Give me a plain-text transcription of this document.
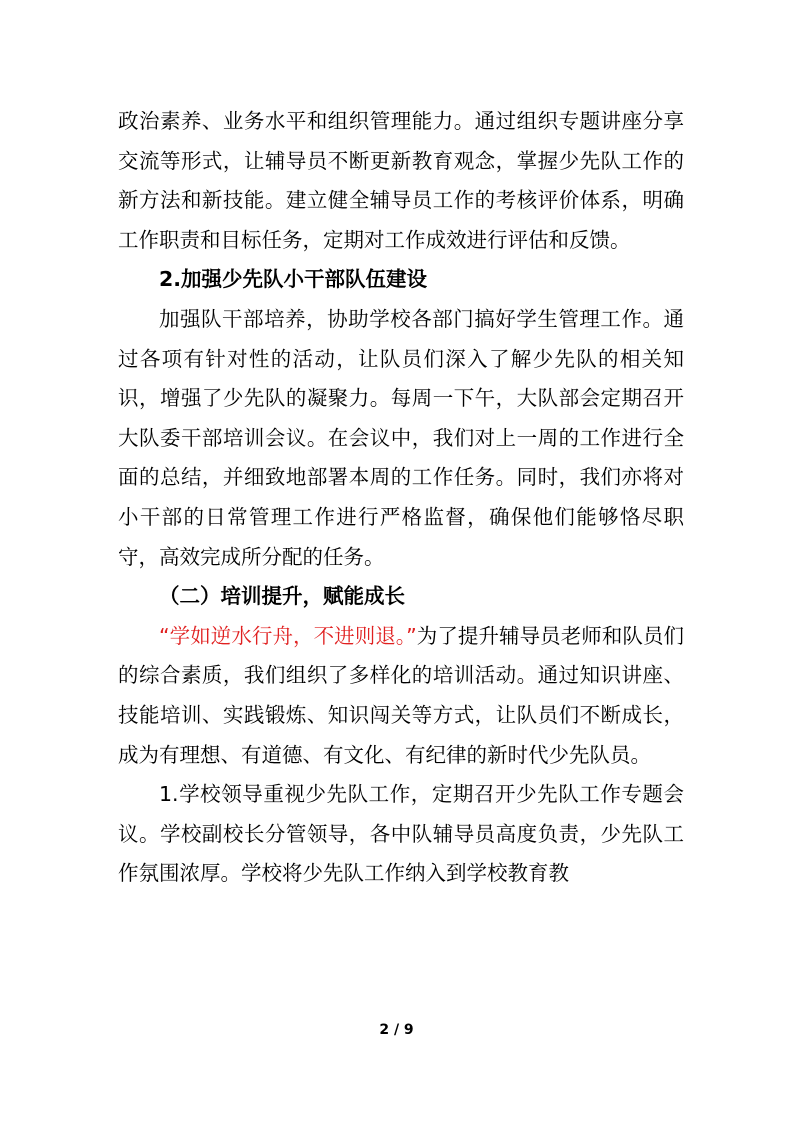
政治素养、业务水平和组织管理能力。通过组织专题讲座分享交流等形式，让辅导员不断更新教育观念，掌握少先队工作的新方法和新技能。建立健全辅导员工作的考核评价体系，明确工作职责和目标任务，定期对工作成效进行评估和反馈。

2.加强少先队小干部队伍建设

加强队干部培养，协助学校各部门搞好学生管理工作。通过各项有针对性的活动，让队员们深入了解少先队的相关知识，增强了少先队的凝聚力。每周一下午，大队部会定期召开大队委干部培训会议。在会议中，我们对上一周的工作进行全面的总结，并细致地部署本周的工作任务。同时，我们亦将对小干部的日常管理工作进行严格监督，确保他们能够恪尽职守，高效完成所分配的任务。

（二）培训提升，赋能成长

“学如逆水行舟，不进则退。”为了提升辅导员老师和队员们的综合素质，我们组织了多样化的培训活动。通过知识讲座、技能培训、实践锻炼、知识闯关等方式，让队员们不断成长，成为有理想、有道德、有文化、有纪律的新时代少先队员。

1.学校领导重视少先队工作，定期召开少先队工作专题会议。学校副校长分管领导，各中队辅导员高度负责，少先队工作氛围浓厚。学校将少先队工作纳入到学校教育教

2 / 9
